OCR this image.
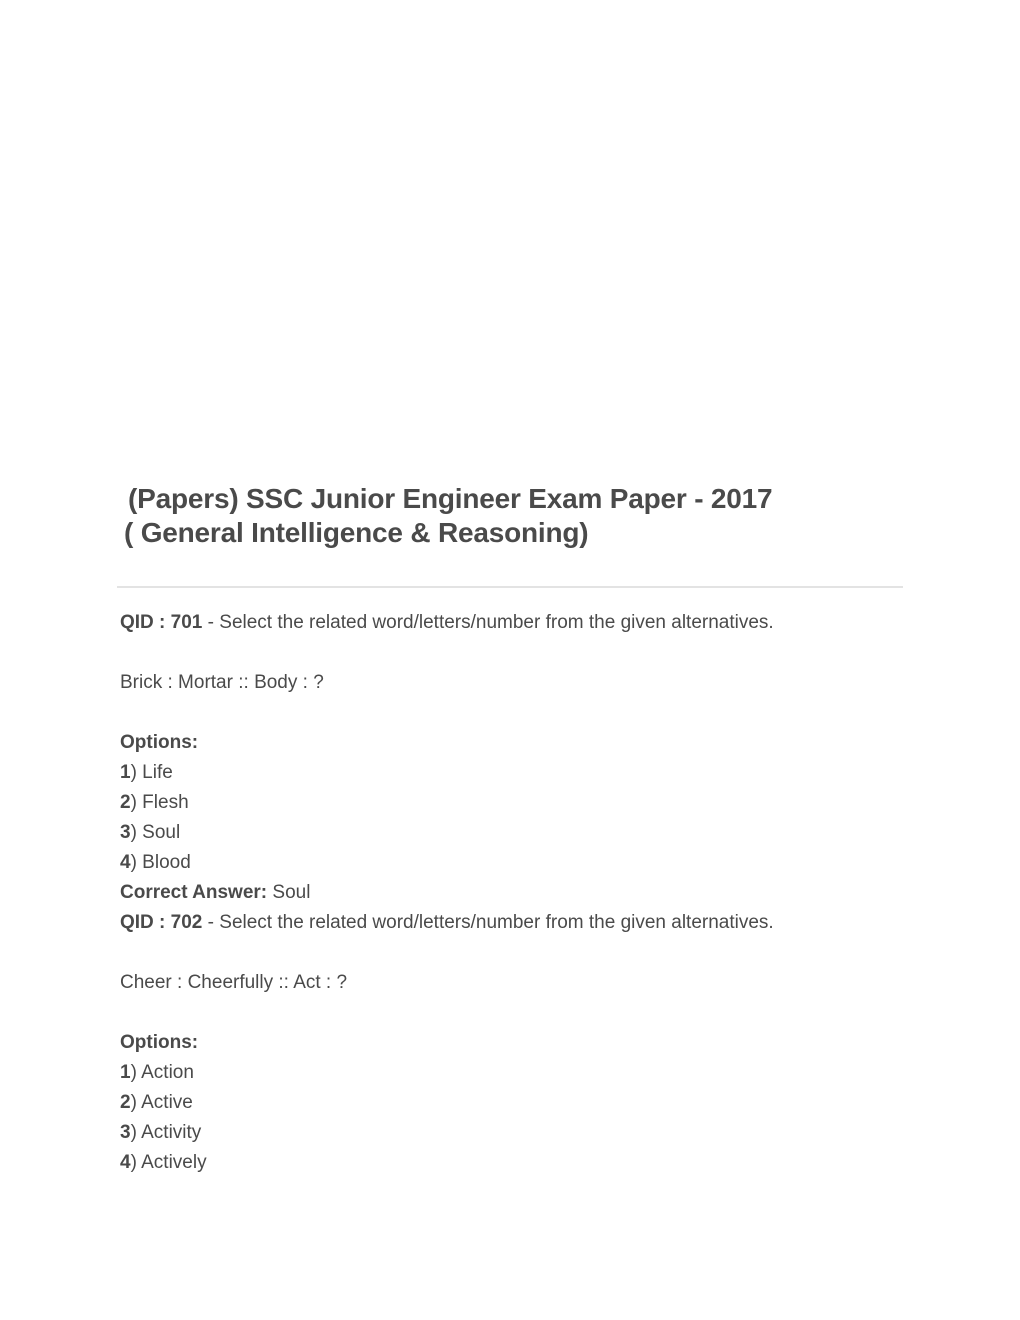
(Papers) SSC Junior Engineer Exam Paper - 2017
( General Intelligence & Reasoning)
QID : 701 - Select the related word/letters/number from the given alternatives.
Brick : Mortar :: Body : ?
Options:
1) Life
2) Flesh
3) Soul
4) Blood
Correct Answer: Soul
QID : 702 - Select the related word/letters/number from the given alternatives.
Cheer : Cheerfully :: Act : ?
Options:
1) Action
2) Active
3) Activity
4) Actively
